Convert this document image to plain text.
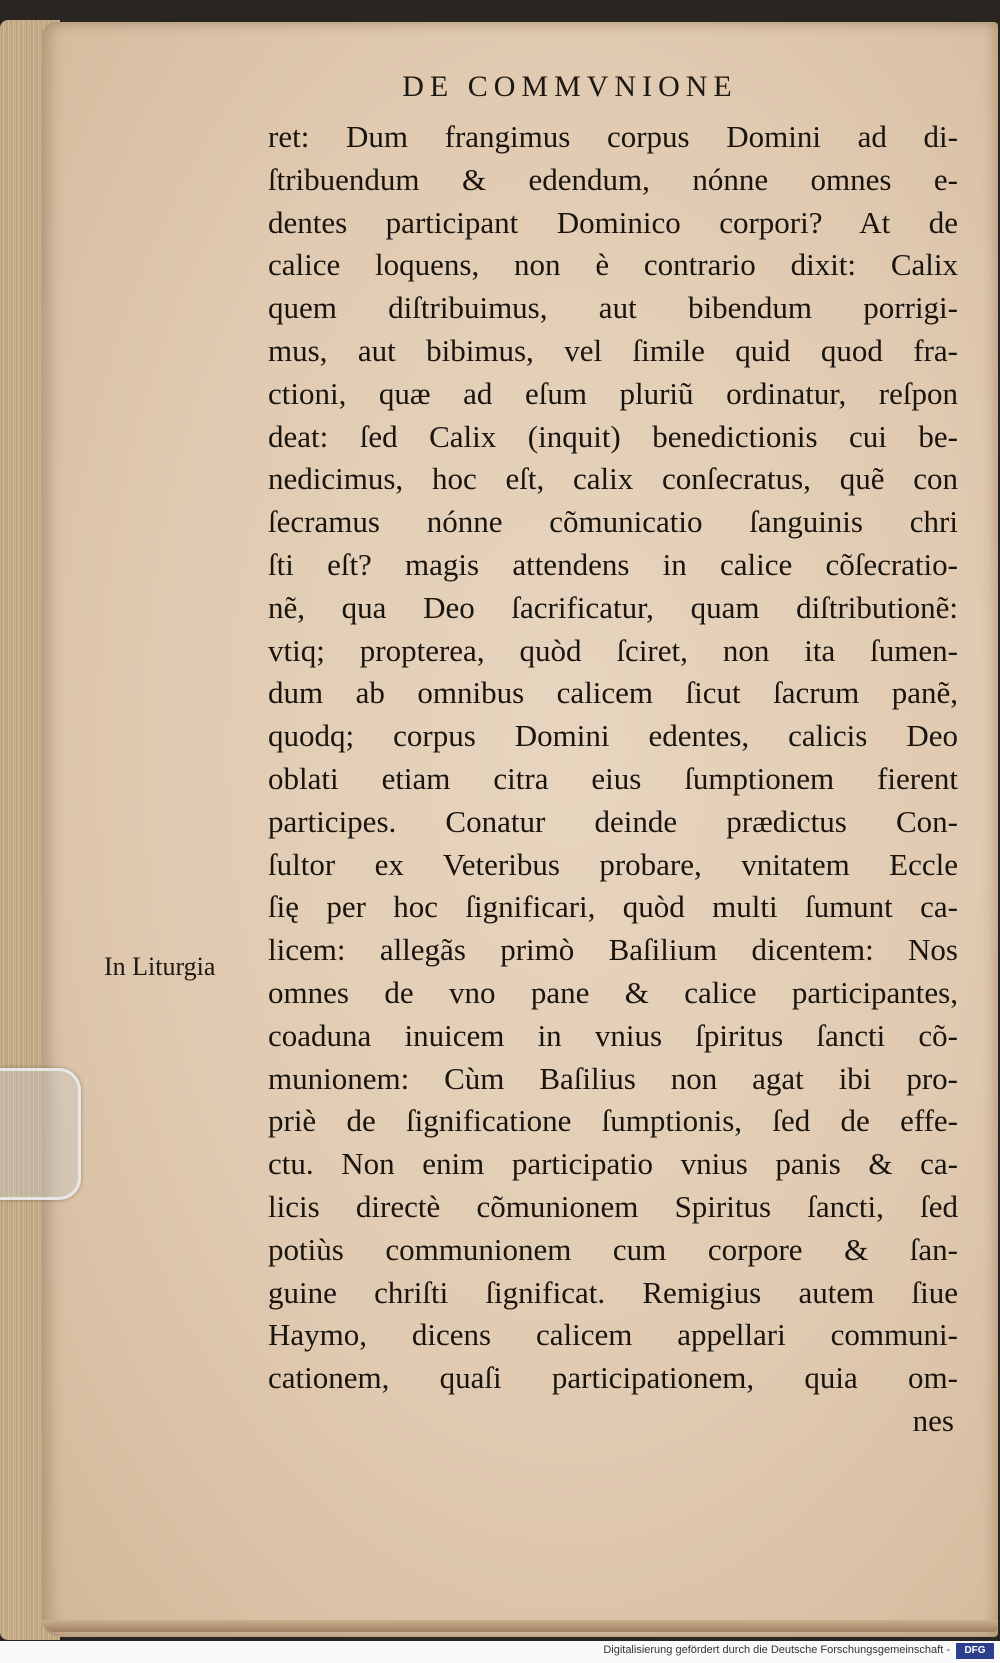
DE COMMVNIONE
In Liturgia
ret: Dum frangimus corpus Domini ad di-
ſtribuendum & edendum, nónne omnes e-
dentes participant Dominico corpori? At de
calice loquens, non è contrario dixit: Calix
quem diſtribuimus, aut bibendum porrigi-
mus, aut bibimus, vel ſimile quid quod fra-
ctioni, quæ ad eſum pluriũ ordinatur, reſpon
deat: ſed Calix (inquit) benedictionis cui be-
nedicimus, hoc eſt, calix conſecratus, quẽ con
ſecramus nónne cõmunicatio ſanguinis chri
ſti eſt? magis attendens in calice cõſecratio-
nẽ, qua Deo ſacrificatur, quam diſtributionẽ:
vtiq; propterea, quòd ſciret, non ita ſumen-
dum ab omnibus calicem ſicut ſacrum panẽ,
quodq; corpus Domini edentes, calicis Deo
oblati etiam citra eius ſumptionem fierent
participes. Conatur deinde prædictus Con-
ſultor ex Veteribus probare, vnitatem Eccle
ſię per hoc ſignificari, quòd multi ſumunt ca-
licem: allegãs primò Baſilium dicentem: Nos
omnes de vno pane & calice participantes,
coaduna inuicem in vnius ſpiritus ſancti cõ-
munionem: Cùm Baſilius non agat ibi pro-
priè de ſignificatione ſumptionis, ſed de effe-
ctu. Non enim participatio vnius panis & ca-
licis directè cõmunionem Spiritus ſancti, ſed
potiùs communionem cum corpore & ſan-
guine chriſti ſignificat. Remigius autem ſiue
Haymo, dicens calicem appellari communi-
cationem, quaſi participationem, quia om-
nes
Digitalisierung gefördert durch die Deutsche Forschungsgemeinschaft -	DFG
